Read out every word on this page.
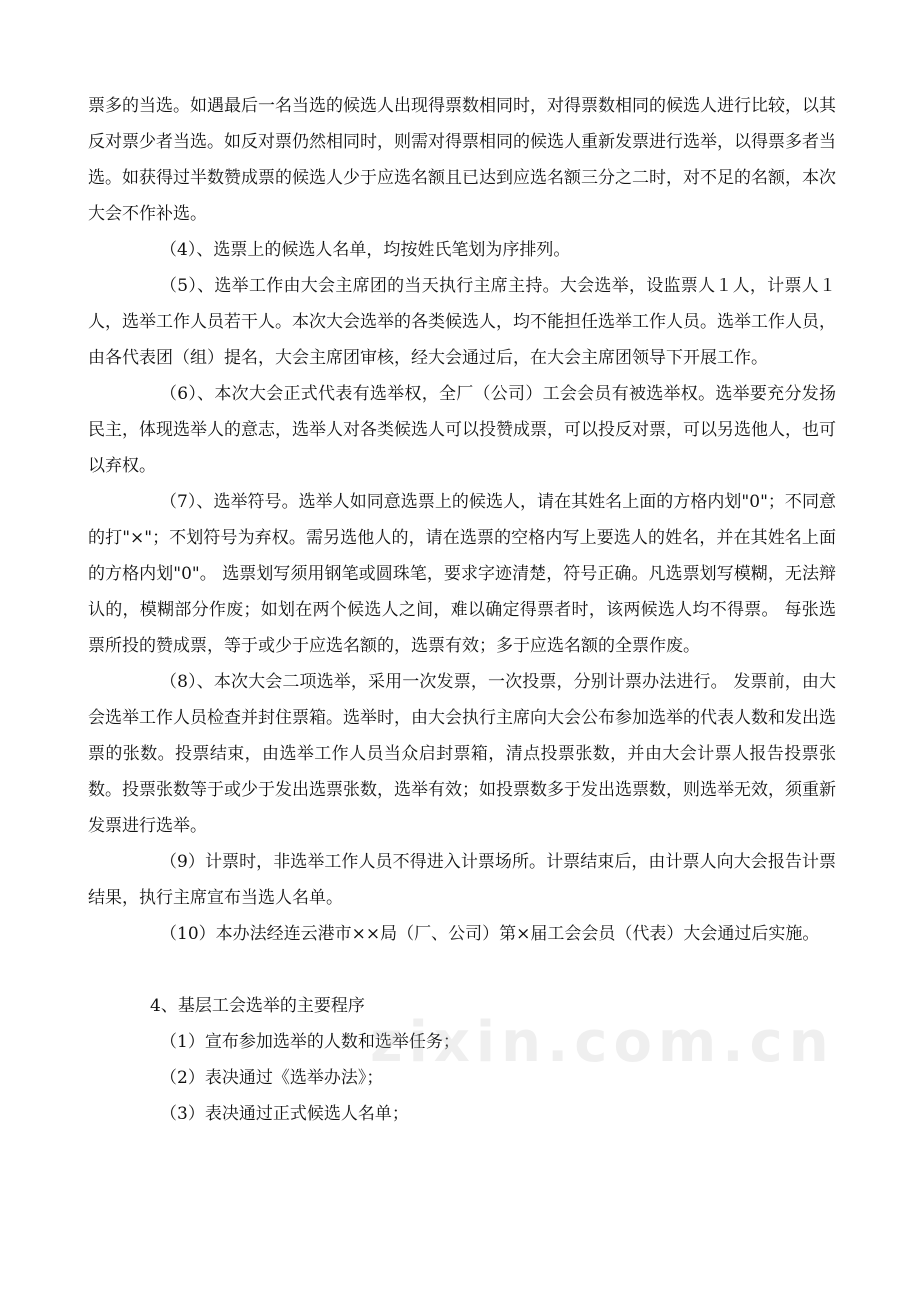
票多的当选。如遇最后一名当选的候选人出现得票数相同时，对得票数相同的候选人进行比较，以其反对票少者当选。如反对票仍然相同时，则需对得票相同的候选人重新发票进行选举，以得票多者当选。如获得过半数赞成票的候选人少于应选名额且已达到应选名额三分之二时，对不足的名额，本次大会不作补选。

（4）、选票上的候选人名单，均按姓氏笔划为序排列。

（5）、选举工作由大会主席团的当天执行主席主持。大会选举，设监票人１人，计票人１人，选举工作人员若干人。本次大会选举的各类候选人，均不能担任选举工作人员。选举工作人员，由各代表团（组）提名，大会主席团审核，经大会通过后，在大会主席团领导下开展工作。

（6）、本次大会正式代表有选举权，全厂（公司）工会会员有被选举权。选举要充分发扬民主，体现选举人的意志，选举人对各类候选人可以投赞成票，可以投反对票，可以另选他人，也可以弃权。

（7）、选举符号。选举人如同意选票上的候选人，请在其姓名上面的方格内划"0"；不同意的打"×"；不划符号为弃权。需另选他人的，请在选票的空格内写上要选人的姓名，并在其姓名上面的方格内划"0"。 选票划写须用钢笔或圆珠笔，要求字迹清楚，符号正确。凡选票划写模糊，无法辩认的，模糊部分作废；如划在两个候选人之间，难以确定得票者时，该两候选人均不得票。 每张选票所投的赞成票，等于或少于应选名额的，选票有效；多于应选名额的全票作废。

（8）、本次大会二项选举，采用一次发票，一次投票，分别计票办法进行。 发票前，由大会选举工作人员检查并封住票箱。选举时，由大会执行主席向大会公布参加选举的代表人数和发出选票的张数。投票结束，由选举工作人员当众启封票箱，清点投票张数，并由大会计票人报告投票张数。投票张数等于或少于发出选票张数，选举有效；如投票数多于发出选票数，则选举无效，须重新发票进行选举。

（9）计票时，非选举工作人员不得进入计票场所。计票结束后，由计票人向大会报告计票结果，执行主席宣布当选人名单。

（10）本办法经连云港市××局（厂、公司）第×届工会会员（代表）大会通过后实施。

4、基层工会选举的主要程序

（1）宣布参加选举的人数和选举任务；

（2）表决通过《选举办法》；

（3）表决通过正式候选人名单；

zixin.com.cn
